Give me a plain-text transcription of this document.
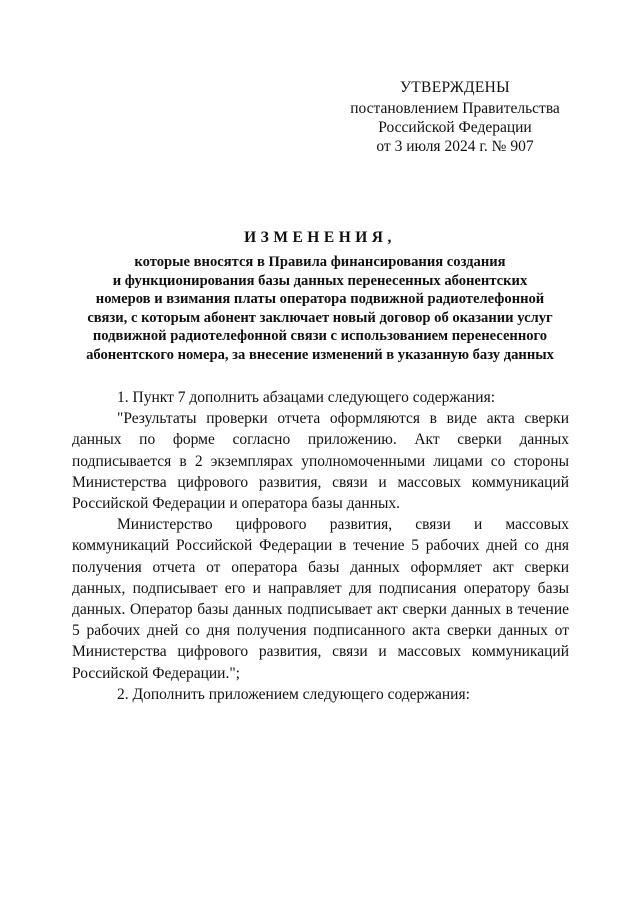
УТВЕРЖДЕНЫ
постановлением Правительства
Российской Федерации
от 3 июля 2024 г. № 907
ИЗМЕНЕНИЯ,
которые вносятся в Правила финансирования создания
и функционирования базы данных перенесенных абонентских
номеров и взимания платы оператора подвижной радиотелефонной
связи, с которым абонент заключает новый договор об оказании услуг
подвижной радиотелефонной связи с использованием перенесенного
абонентского номера, за внесение изменений в указанную базу данных

1. Пункт 7 дополнить абзацами следующего содержания:

"Результаты проверки отчета оформляются в виде акта сверки данных по форме согласно приложению. Акт сверки данных подписывается в 2 экземплярах уполномоченными лицами со стороны Министерства цифрового развития, связи и массовых коммуникаций Российской Федерации и оператора базы данных.

Министерство цифрового развития, связи и массовых коммуникаций Российской Федерации в течение 5 рабочих дней со дня получения отчета от оператора базы данных оформляет акт сверки данных, подписывает его и направляет для подписания оператору базы данных. Оператор базы данных подписывает акт сверки данных в течение 5 рабочих дней со дня получения подписанного акта сверки данных от Министерства цифрового развития, связи и массовых коммуникаций Российской Федерации.";

2. Дополнить приложением следующего содержания:
